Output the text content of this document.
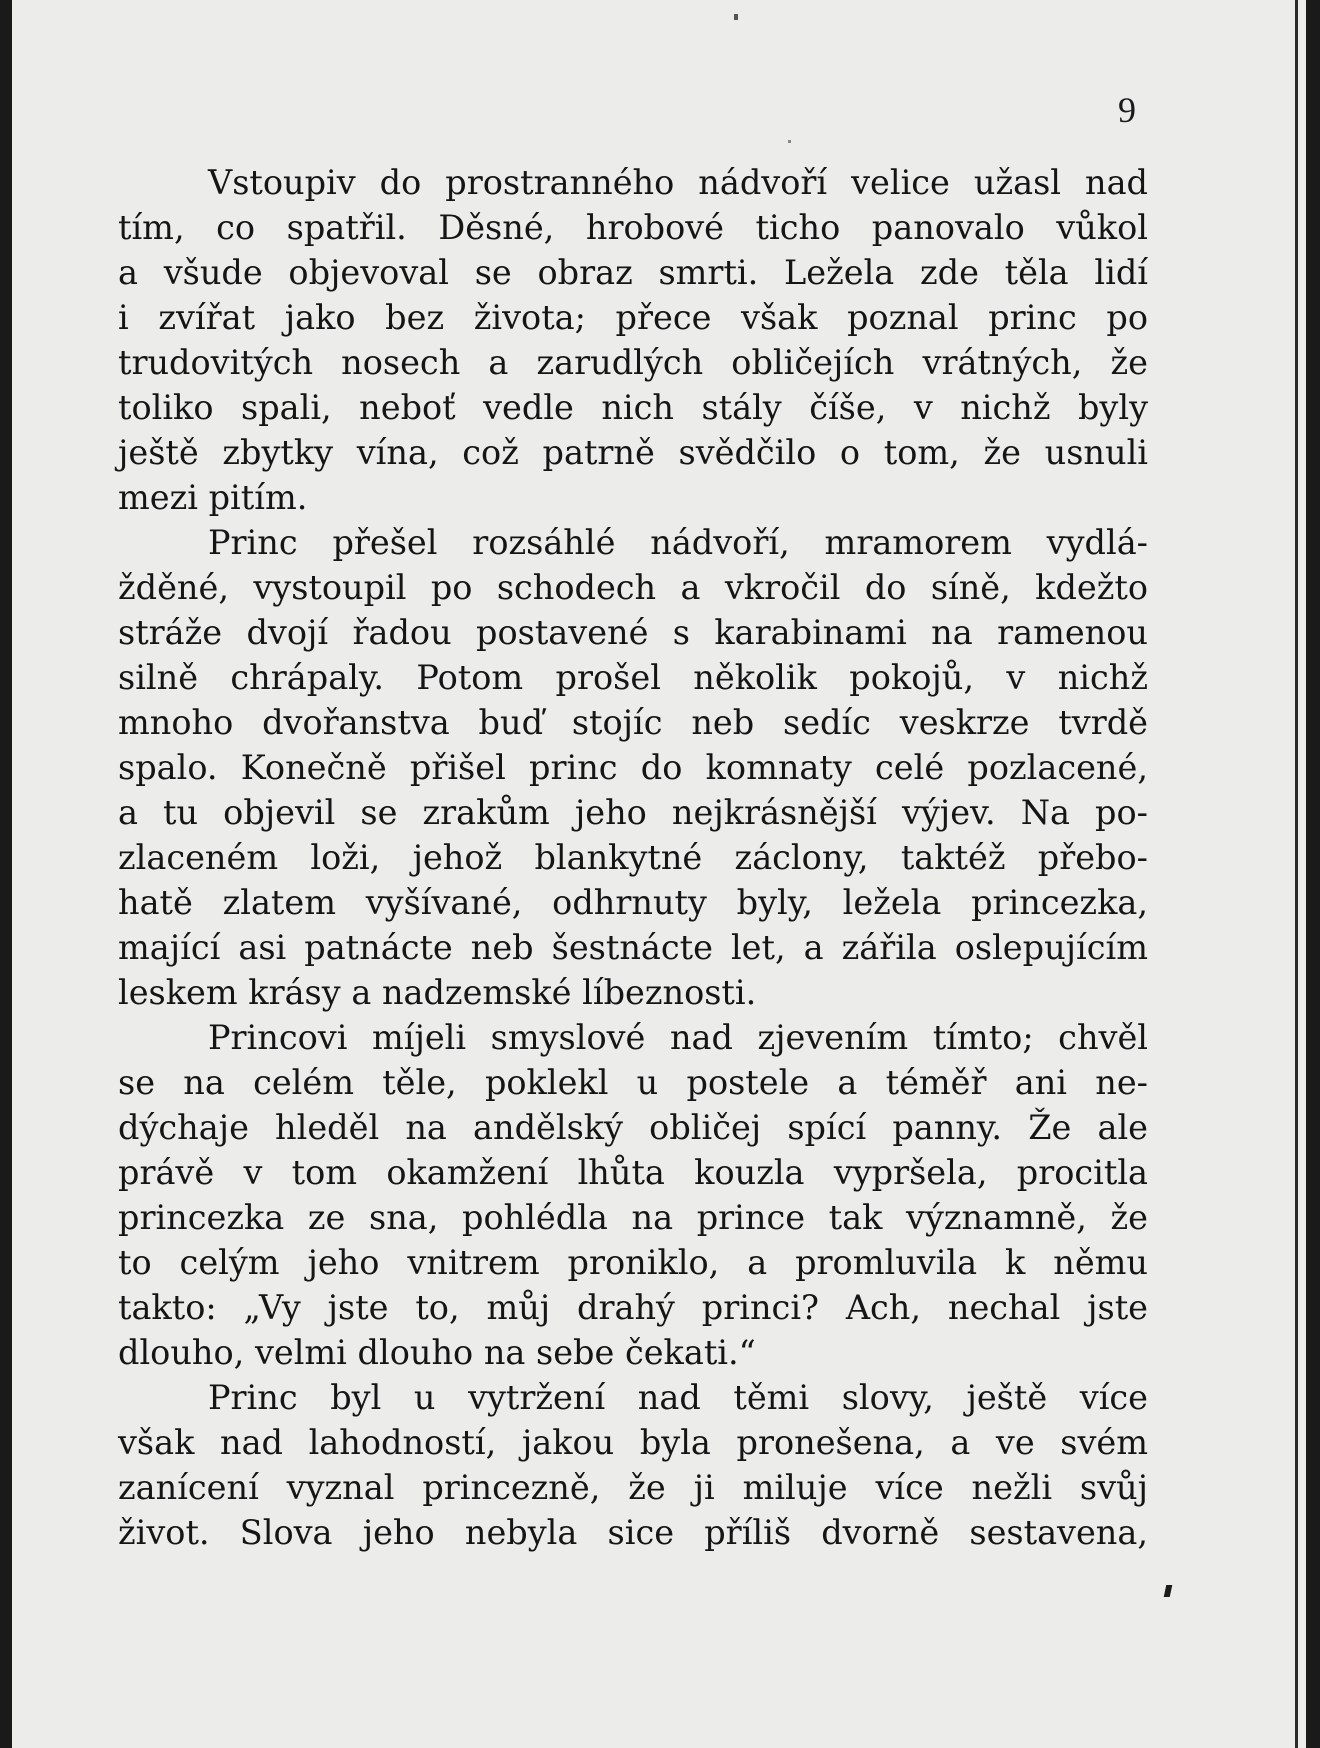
9
Vstoupiv do prostranného nádvoří velice užasl nad
tím, co spatřil. Děsné, hrobové ticho panovalo vůkol
a všude objevoval se obraz smrti. Ležela zde těla lidí
i zvířat jako bez života; přece však poznal princ po
trudovitých nosech a zarudlých obličejích vrátných, že
toliko spali, neboť vedle nich stály číše, v nichž byly
ještě zbytky vína, což patrně svědčilo o tom, že usnuli
mezi pitím.
Princ přešel rozsáhlé nádvoří, mramorem vydlá-
žděné, vystoupil po schodech a vkročil do síně, kdežto
stráže dvojí řadou postavené s karabinami na ramenou
silně chrápaly. Potom prošel několik pokojů, v nichž
mnoho dvořanstva buď stojíc neb sedíc veskrze tvrdě
spalo. Konečně přišel princ do komnaty celé pozlacené,
a tu objevil se zrakům jeho nejkrásnější výjev. Na po-
zlaceném loži, jehož blankytné záclony, taktéž přebo-
hatě zlatem vyšívané, odhrnuty byly, ležela princezka,
mající asi patnácte neb šestnácte let, a zářila oslepujícím
leskem krásy a nadzemské líbeznosti.
Princovi míjeli smyslové nad zjevením tímto; chvěl
se na celém těle, poklekl u postele a téměř ani ne-
dýchaje hleděl na andělský obličej spící panny. Že ale
právě v tom okamžení lhůta kouzla vypršela, procitla
princezka ze sna, pohlédla na prince tak významně, že
to celým jeho vnitrem proniklo, a promluvila k němu
takto: „Vy jste to, můj drahý princi? Ach, nechal jste
dlouho, velmi dlouho na sebe čekati.“
Princ byl u vytržení nad těmi slovy, ještě více
však nad lahodností, jakou byla pronešena, a ve svém
zanícení vyznal princezně, že ji miluje více nežli svůj
život. Slova jeho nebyla sice příliš dvorně sestavena,
